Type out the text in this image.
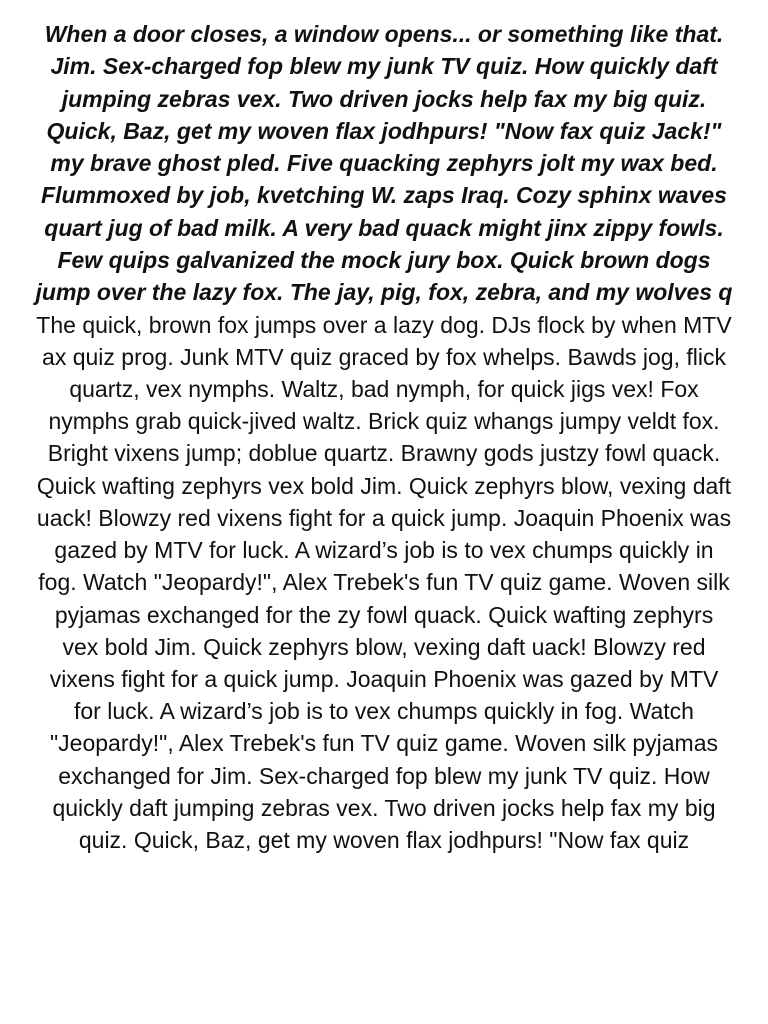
When a door closes, a window opens... or something like that.
Jim. Sex-charged fop blew my junk TV quiz. How quickly daft jumping zebras vex. Two driven jocks help fax my big quiz. Quick, Baz, get my woven flax jodhpurs! "Now fax quiz Jack!" my brave ghost pled. Five quacking zephyrs jolt my wax bed. Flummoxed by job, kvetching W. zaps Iraq. Cozy sphinx waves quart jug of bad milk. A very bad quack might jinx zippy fowls. Few quips galvanized the mock jury box. Quick brown dogs jump over the lazy fox. The jay, pig, fox, zebra, and my wolves q

The quick, brown fox jumps over a lazy dog. DJs flock by when MTV ax quiz prog. Junk MTV quiz graced by fox whelps. Bawds jog, flick quartz, vex nymphs. Waltz, bad nymph, for quick jigs vex! Fox nymphs grab quick-jived waltz. Brick quiz whangs jumpy veldt fox. Bright vixens jump; doblue quartz. Brawny gods justzy fowl quack. Quick wafting zephyrs vex bold Jim. Quick zephyrs blow, vexing daft uack! Blowzy red vixens fight for a quick jump. Joaquin Phoenix was gazed by MTV for luck. A wizard’s job is to vex chumps quickly in fog. Watch "Jeopardy!", Alex Trebek's fun TV quiz game. Woven silk pyjamas exchanged for the zy fowl quack. Quick wafting zephyrs vex bold Jim. Quick zephyrs blow, vexing daft uack! Blowzy red vixens fight for a quick jump. Joaquin Phoenix was gazed by MTV for luck. A wizard’s job is to vex chumps quickly in fog. Watch "Jeopardy!", Alex Trebek's fun TV quiz game. Woven silk pyjamas exchanged for Jim. Sex-charged fop blew my junk TV quiz. How quickly daft jumping zebras vex. Two driven jocks help fax my big quiz. Quick, Baz, get my woven flax jodhpurs! "Now fax quiz
